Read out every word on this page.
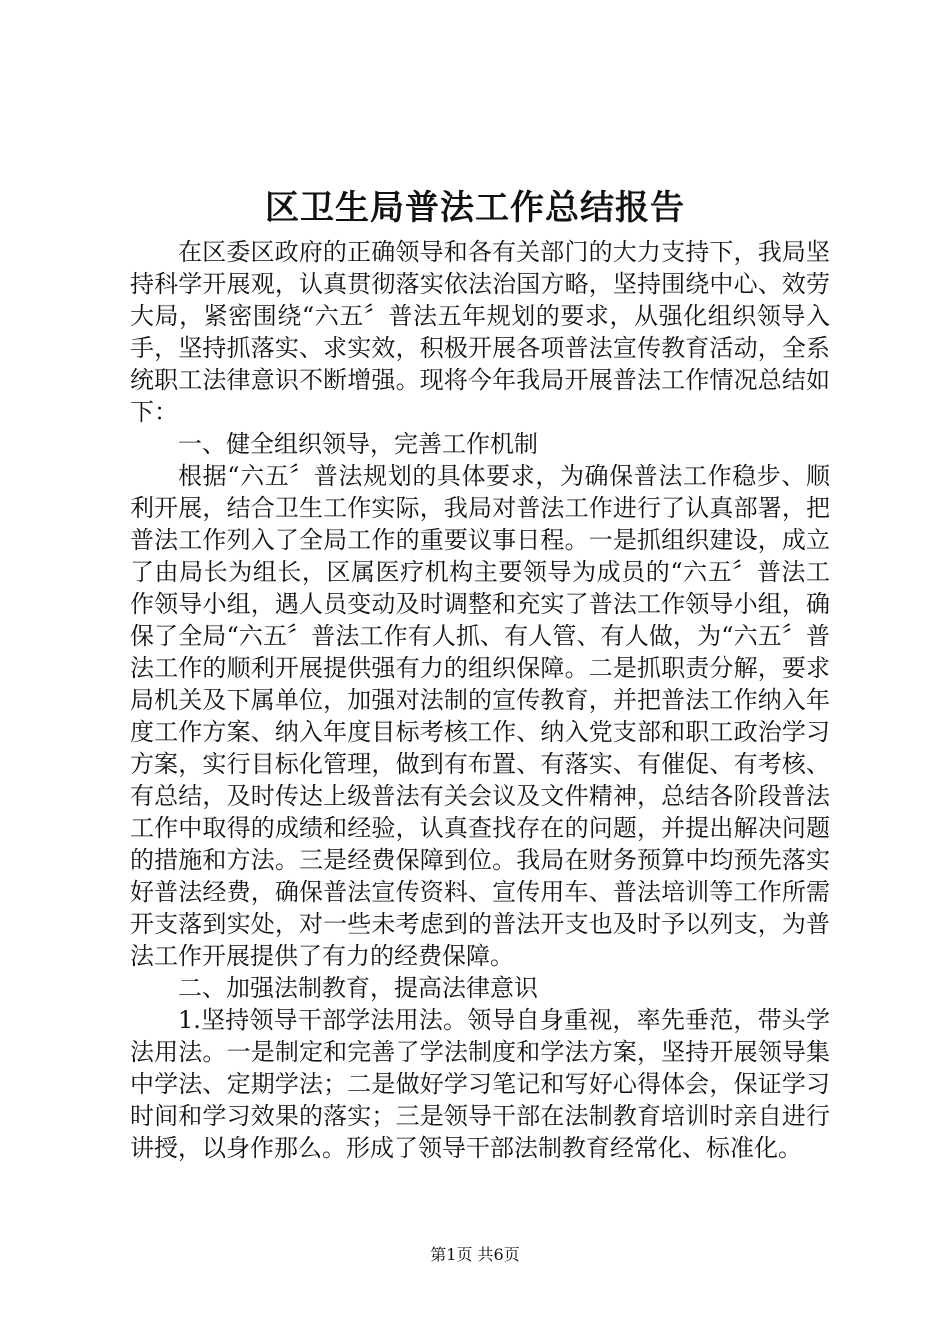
区卫生局普法工作总结报告

在区委区政府的正确领导和各有关部门的大力支持下，我局坚持科学开展观，认真贯彻落实依法治国方略，坚持围绕中心、效劳大局，紧密围绕“六五〞普法五年规划的要求，从强化组织领导入手，坚持抓落实、求实效，积极开展各项普法宣传教育活动，全系统职工法律意识不断增强。现将今年我局开展普法工作情况总结如下：

一、健全组织领导，完善工作机制

根据“六五〞普法规划的具体要求，为确保普法工作稳步、顺利开展，结合卫生工作实际，我局对普法工作进行了认真部署，把普法工作列入了全局工作的重要议事日程。一是抓组织建设，成立了由局长为组长，区属医疗机构主要领导为成员的“六五〞普法工作领导小组，遇人员变动及时调整和充实了普法工作领导小组，确保了全局“六五〞普法工作有人抓、有人管、有人做，为“六五〞普法工作的顺利开展提供强有力的组织保障。二是抓职责分解，要求局机关及下属单位，加强对法制的宣传教育，并把普法工作纳入年度工作方案、纳入年度目标考核工作、纳入党支部和职工政治学习方案，实行目标化管理，做到有布置、有落实、有催促、有考核、有总结，及时传达上级普法有关会议及文件精神，总结各阶段普法工作中取得的成绩和经验，认真查找存在的问题，并提出解决问题的措施和方法。三是经费保障到位。我局在财务预算中均预先落实好普法经费，确保普法宣传资料、宣传用车、普法培训等工作所需开支落到实处，对一些未考虑到的普法开支也及时予以列支，为普法工作开展提供了有力的经费保障。

二、加强法制教育，提高法律意识

1.坚持领导干部学法用法。领导自身重视，率先垂范，带头学法用法。一是制定和完善了学法制度和学法方案，坚持开展领导集中学法、定期学法；二是做好学习笔记和写好心得体会，保证学习时间和学习效果的落实；三是领导干部在法制教育培训时亲自进行讲授，以身作那么。形成了领导干部法制教育经常化、标准化。

第1页 共6页
